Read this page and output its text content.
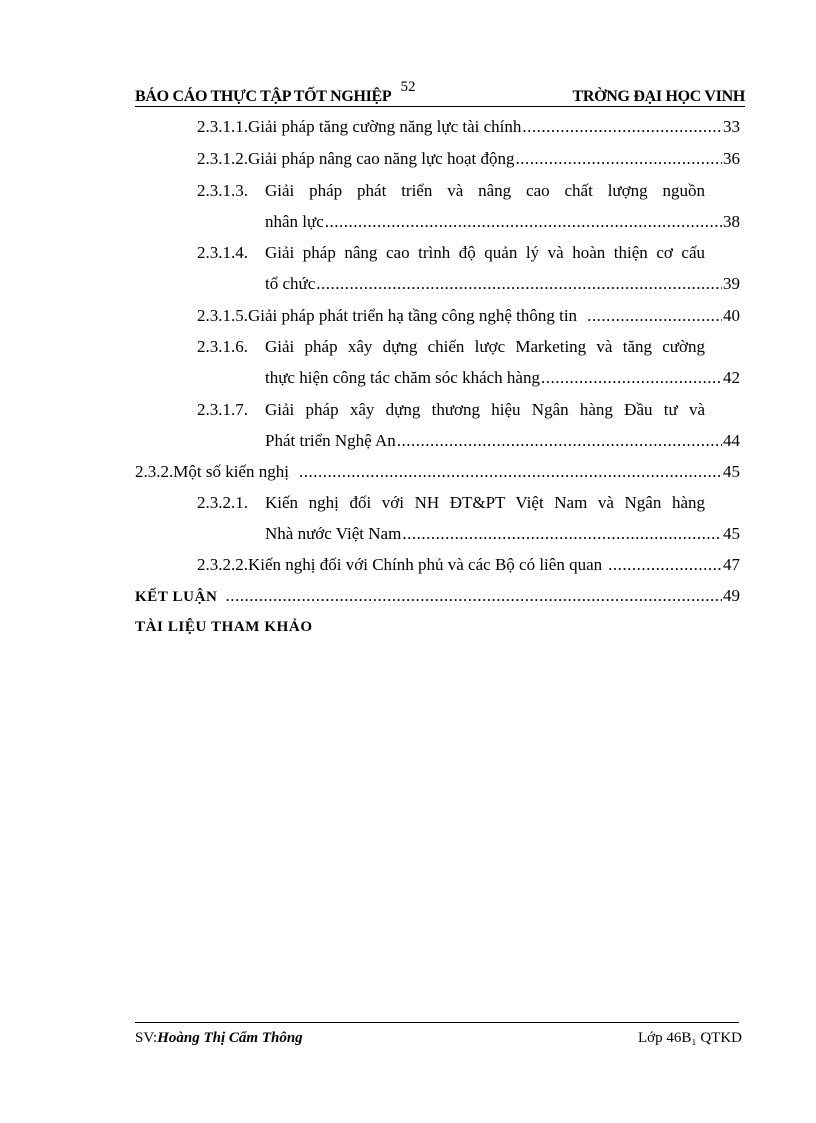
52
BÁO CÁO THỰC TẬP TỐT NGHIỆP	TRỜNG ĐẠI HỌC VINH
2.3.1.1. Giải pháp tăng cường năng lực tài chính .....	33
2.3.1.2. Giải pháp nâng cao năng lực hoạt động .....	36
2.3.1.3.	Giải pháp phát triển và nâng cao chất lượng nguồn
nhân lực .....	38
2.3.1.4.	Giải pháp nâng cao trình độ quản lý và hoàn thiện cơ cấu
tổ chức .....	39
2.3.1.5. Giải pháp phát triển hạ tầng công nghệ thông tin .....	40
2.3.1.6.	Giải pháp xây dựng chiến lược Marketing và tăng cường
thực hiện công tác chăm sóc khách hàng .....	42
2.3.1.7.	Giải pháp xây dựng thương hiệu Ngân hàng Đầu tư và
Phát triển Nghệ An .....	44
2.3.2. Một số kiến nghị .....	45
2.3.2.1.	Kiến nghị đối với NH ĐT&PT Việt Nam và Ngân hàng
Nhà nước Việt Nam .....	45
2.3.2.2. Kiến nghị đối với Chính phủ và các Bộ có liên quan .....	47
KẾT LUẬN .....	49
TÀI LIỆU THAM KHẢO
SV:Hoàng Thị Cẩm Thông	Lớp 46B₁ QTKD
